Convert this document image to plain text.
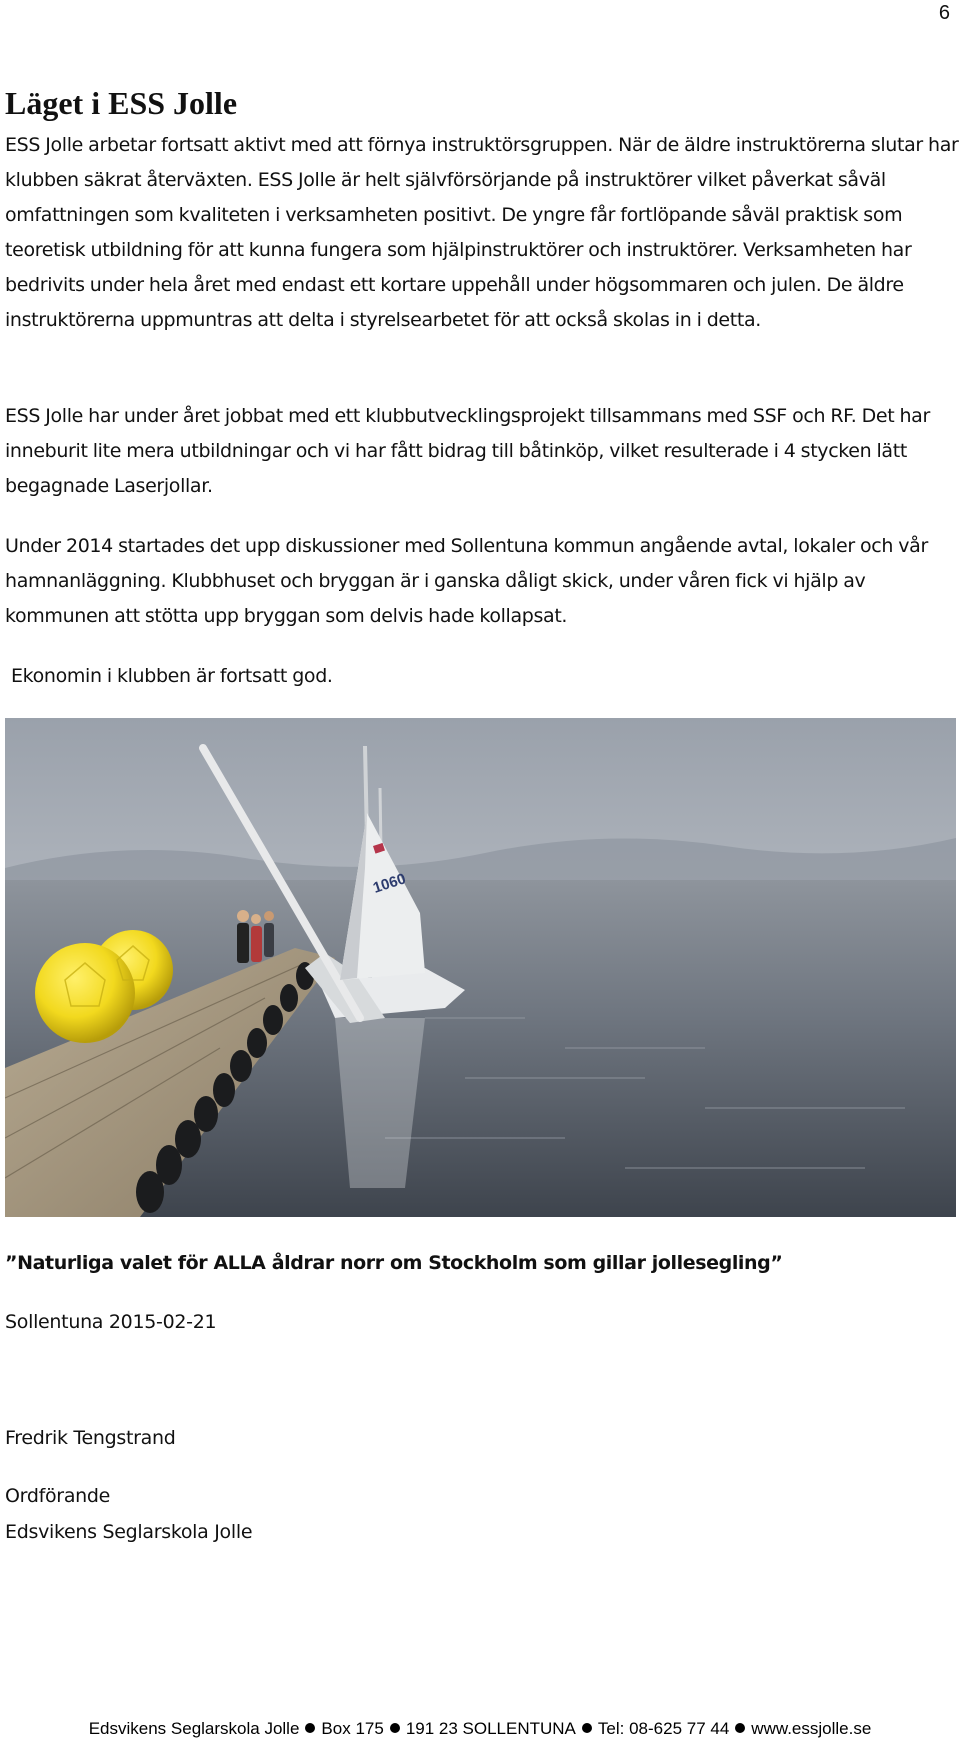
6
Läget i ESS Jolle

ESS Jolle arbetar fortsatt aktivt med att förnya instruktörsgruppen. När de äldre instruktörerna slutar har klubben säkrat återväxten. ESS Jolle är helt självförsörjande på instruktörer vilket påverkat såväl omfattningen som kvaliteten i verksamheten positivt. De yngre får fortlöpande såväl praktisk som teoretisk utbildning för att kunna fungera som hjälpinstruktörer och instruktörer. Verksamheten har bedrivits under hela året med endast ett kortare uppehåll under högsommaren och julen. De äldre instruktörerna uppmuntras att delta i styrelsearbetet för att också skolas in i detta.

ESS Jolle har under året jobbat med ett klubbutvecklingsprojekt tillsammans med SSF och RF. Det har inneburit lite mera utbildningar och vi har fått bidrag till båtinköp, vilket resulterade i 4 stycken lätt begagnade Laserjollar.

Under 2014 startades det upp diskussioner med Sollentuna kommun angående avtal, lokaler och vår hamnanläggning. Klubbhuset och bryggan är i ganska dåligt skick, under våren fick vi hjälp av kommunen att stötta upp bryggan som delvis hade kollapsat.

Ekonomin i klubben är fortsatt god.

1060

”Naturliga valet för ALLA åldrar norr om Stockholm som gillar jollesegling”

Sollentuna 2015-02-21

Fredrik Tengstrand

Ordförande

Edsvikens Seglarskola Jolle

Edsvikens Seglarskola Jolle Box 175 191 23 SOLLENTUNA Tel: 08-625 77 44 www.essjolle.se
